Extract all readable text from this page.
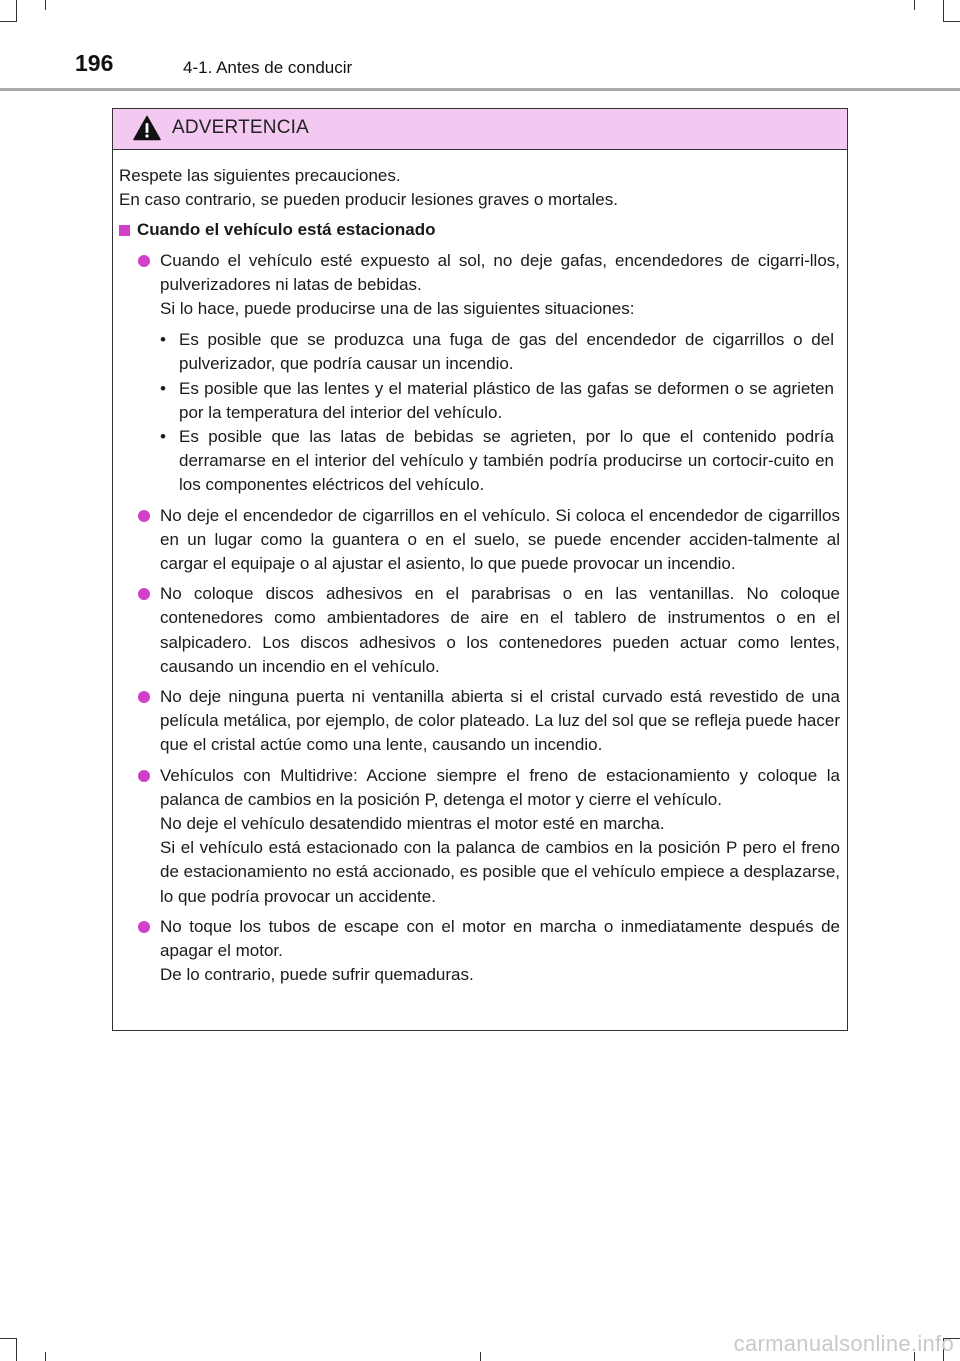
196	4-1. Antes de conducir
ADVERTENCIA

Respete las siguientes precauciones.

En caso contrario, se pueden producir lesiones graves o mortales.

Cuando el vehículo está estacionado

Cuando el vehículo esté expuesto al sol, no deje gafas, encendedores de cigarri-llos, pulverizadores ni latas de bebidas.

Si lo hace, puede producirse una de las siguientes situaciones:

• Es posible que se produzca una fuga de gas del encendedor de cigarrillos o del pulverizador, que podría causar un incendio.
• Es posible que las lentes y el material plástico de las gafas se deformen o se agrieten por la temperatura del interior del vehículo.
• Es posible que las latas de bebidas se agrieten, por lo que el contenido podría derramarse en el interior del vehículo y también podría producirse un cortocir-cuito en los componentes eléctricos del vehículo.

No deje el encendedor de cigarrillos en el vehículo. Si coloca el encendedor de cigarrillos en un lugar como la guantera o en el suelo, se puede encender acciden-talmente al cargar el equipaje o al ajustar el asiento, lo que puede provocar un incendio.

No coloque discos adhesivos en el parabrisas o en las ventanillas. No coloque contenedores como ambientadores de aire en el tablero de instrumentos o en el salpicadero. Los discos adhesivos o los contenedores pueden actuar como lentes, causando un incendio en el vehículo.

No deje ninguna puerta ni ventanilla abierta si el cristal curvado está revestido de una película metálica, por ejemplo, de color plateado. La luz del sol que se refleja puede hacer que el cristal actúe como una lente, causando un incendio.

Vehículos con Multidrive: Accione siempre el freno de estacionamiento y coloque la palanca de cambios en la posición P, detenga el motor y cierre el vehículo.

No deje el vehículo desatendido mientras el motor esté en marcha.

Si el vehículo está estacionado con la palanca de cambios en la posición P pero el freno de estacionamiento no está accionado, es posible que el vehículo empiece a desplazarse, lo que podría provocar un accidente.

No toque los tubos de escape con el motor en marcha o inmediatamente después de apagar el motor.

De lo contrario, puede sufrir quemaduras.

carmanualsonline.info
